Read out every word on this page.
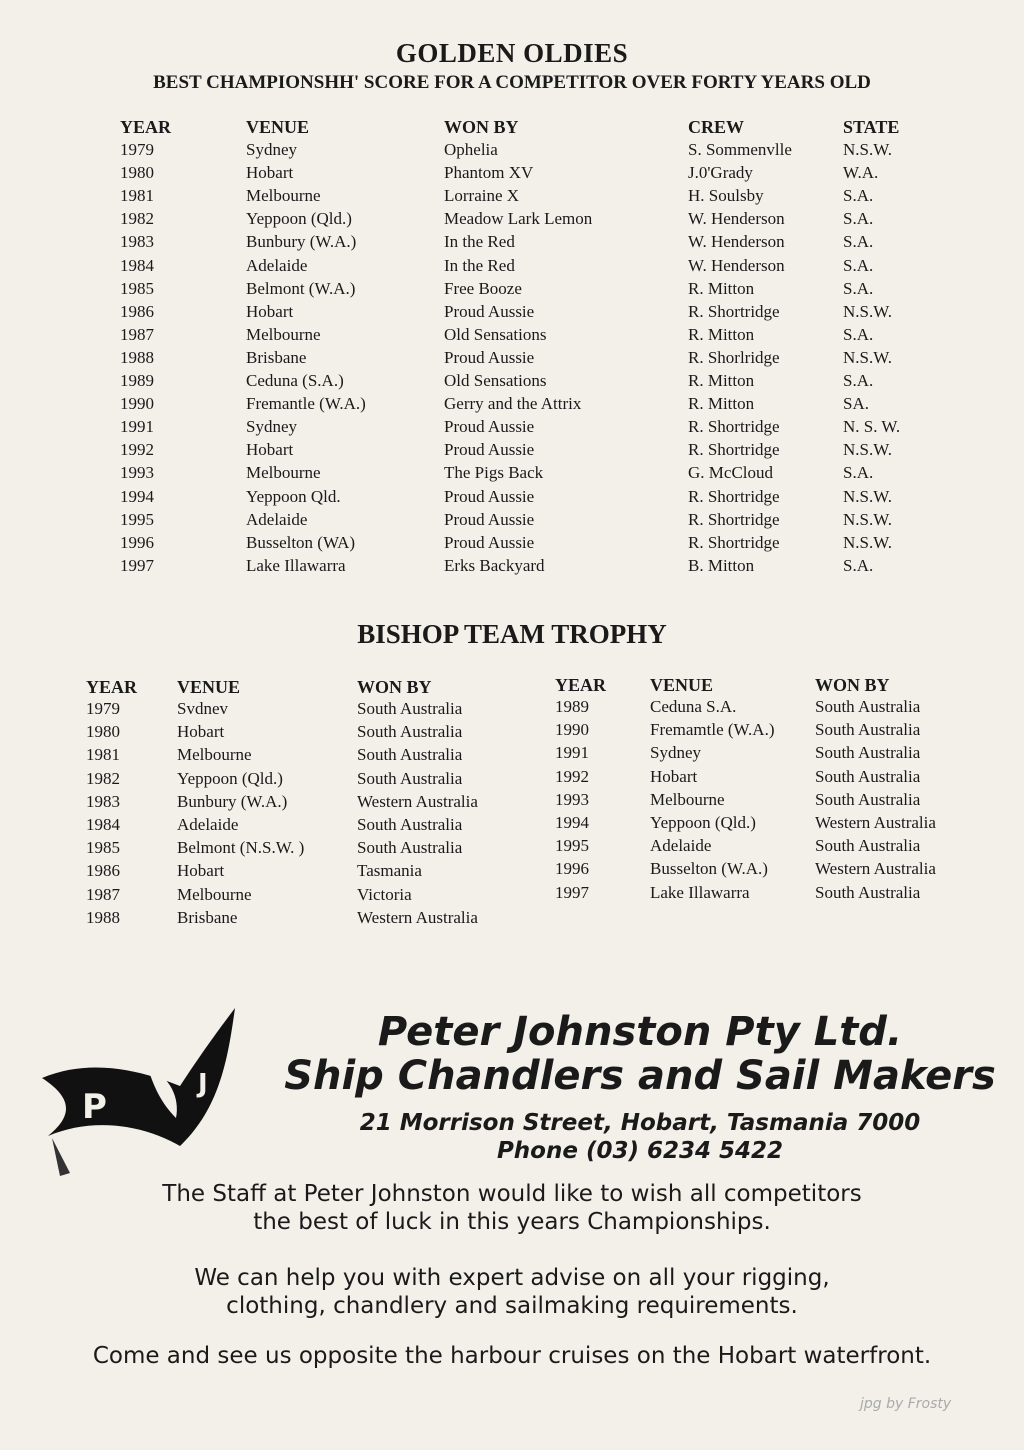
GOLDEN OLDIES
BEST CHAMPIONSHH' SCORE FOR A COMPETITOR OVER FORTY YEARS OLD
YEAR	VENUE	WON BY	CREW	STATE
1979	Sydney	Ophelia	S. Sommenvlle	N.S.W.
1980	Hobart	Phantom XV	J.0'Grady	W.A.
1981	Melbourne	Lorraine X	H. Soulsby	S.A.
1982	Yeppoon (Qld.)	Meadow Lark Lemon	W. Henderson	S.A.
1983	Bunbury (W.A.)	In the Red	W. Henderson	S.A.
1984	Adelaide	In the Red	W. Henderson	S.A.
1985	Belmont (W.A.)	Free Booze	R. Mitton	S.A.
1986	Hobart	Proud Aussie	R. Shortridge	N.S.W.
1987	Melbourne	Old Sensations	R. Mitton	S.A.
1988	Brisbane	Proud Aussie	R. Shorlridge	N.S.W.
1989	Ceduna (S.A.)	Old Sensations	R. Mitton	S.A.
1990	Fremantle (W.A.)	Gerry and the Attrix	R. Mitton	SA.
1991	Sydney	Proud Aussie	R. Shortridge	N. S. W.
1992	Hobart	Proud Aussie	R. Shortridge	N.S.W.
1993	Melbourne	The Pigs Back	G. McCloud	S.A.
1994	Yeppoon Qld.	Proud Aussie	R. Shortridge	N.S.W.
1995	Adelaide	Proud Aussie	R. Shortridge	N.S.W.
1996	Busselton (WA)	Proud Aussie	R. Shortridge	N.S.W.
1997	Lake Illawarra	Erks Backyard	B. Mitton	S.A.
BISHOP TEAM TROPHY
YEAR VENUE	WON BY
1979	Svdnev	South Australia
1980	Hobart	South Australia
1981	Melbourne	South Australia
1982	Yeppoon (Qld.)	South Australia
1983	Bunbury (W.A.)	Western Australia
1984	Adelaide	South Australia
1985	Belmont (N.S.W. )	South Australia
1986	Hobart	Tasmania
1987	Melbourne	Victoria
1988	Brisbane	Western Australia
YEAR VENUE	WON BY
1989	Ceduna S.A.	South Australia
1990	Fremamtle (W.A.) South Australia
1991	Sydney	South Australia
1992	Hobart	South Australia
1993	Melbourne	South Australia
1994	Yeppoon (Qld.)	Western Australia
1995	Adelaide	South Australia
1996	Busselton (W.A.)	Western Australia
1997	Lake Illawarra	South Australia
P
J
Peter Johnston Pty Ltd.
Ship Chandlers and Sail Makers
21 Morrison Street, Hobart, Tasmania 7000
Phone (03) 6234 5422
The Staff at Peter Johnston would like to wish all competitors
the best of luck in this years Championships.
We can help you with expert advise on all your rigging,
clothing, chandlery and sailmaking requirements.
Come and see us opposite the harbour cruises on the Hobart waterfront.
jpg by Frosty
